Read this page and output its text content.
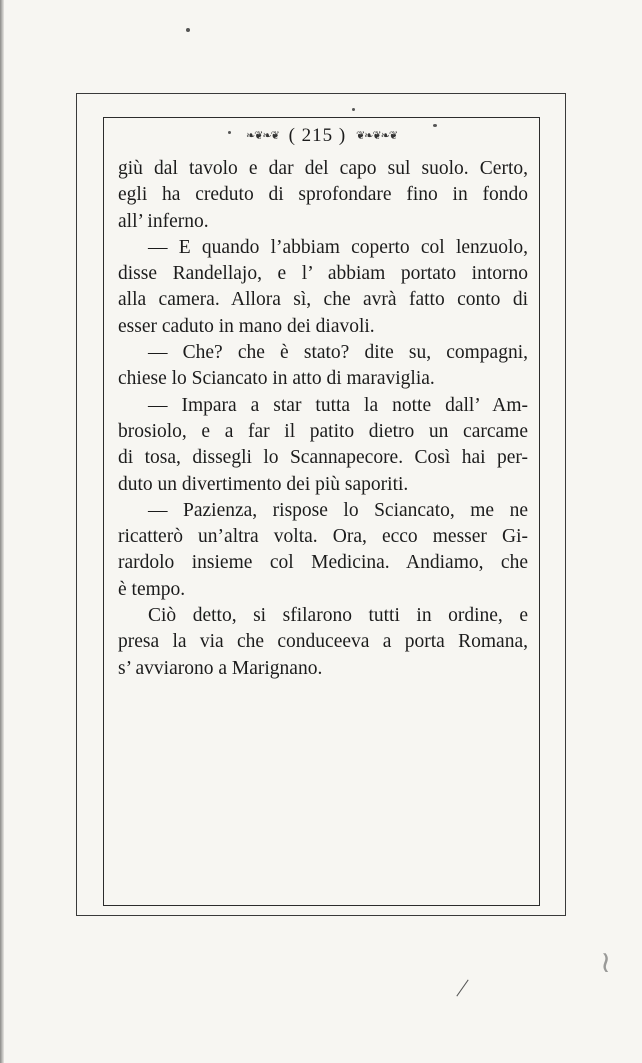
❧❦❧❦ ( 215 ) ❦❧❦❧❦
giù dal tavolo e dar del capo sul suolo. Certo,
egli ha creduto di sprofondare fino in fondo
all’ inferno.
— E quando l’abbiam coperto col lenzuolo,
disse Randellajo, e l’ abbiam portato intorno
alla camera. Allora sì, che avrà fatto conto di
esser caduto in mano dei diavoli.
— Che? che è stato? dite su, compagni,
chiese lo Sciancato in atto di maraviglia.
— Impara a star tutta la notte dall’ Am-
brosiolo, e a far il patito dietro un carcame
di tosa, dissegli lo Scannapecore. Così hai per-
duto un divertimento dei più saporiti.
— Pazienza, rispose lo Sciancato, me ne
ricatterò un’altra volta. Ora, ecco messer Gi-
rardolo insieme col Medicina. Andiamo, che
è tempo.
Ciò detto, si sfilarono tutti in ordine, e
presa la via che conduceeva a porta Romana,
s’ avviarono a Marignano.
≀
